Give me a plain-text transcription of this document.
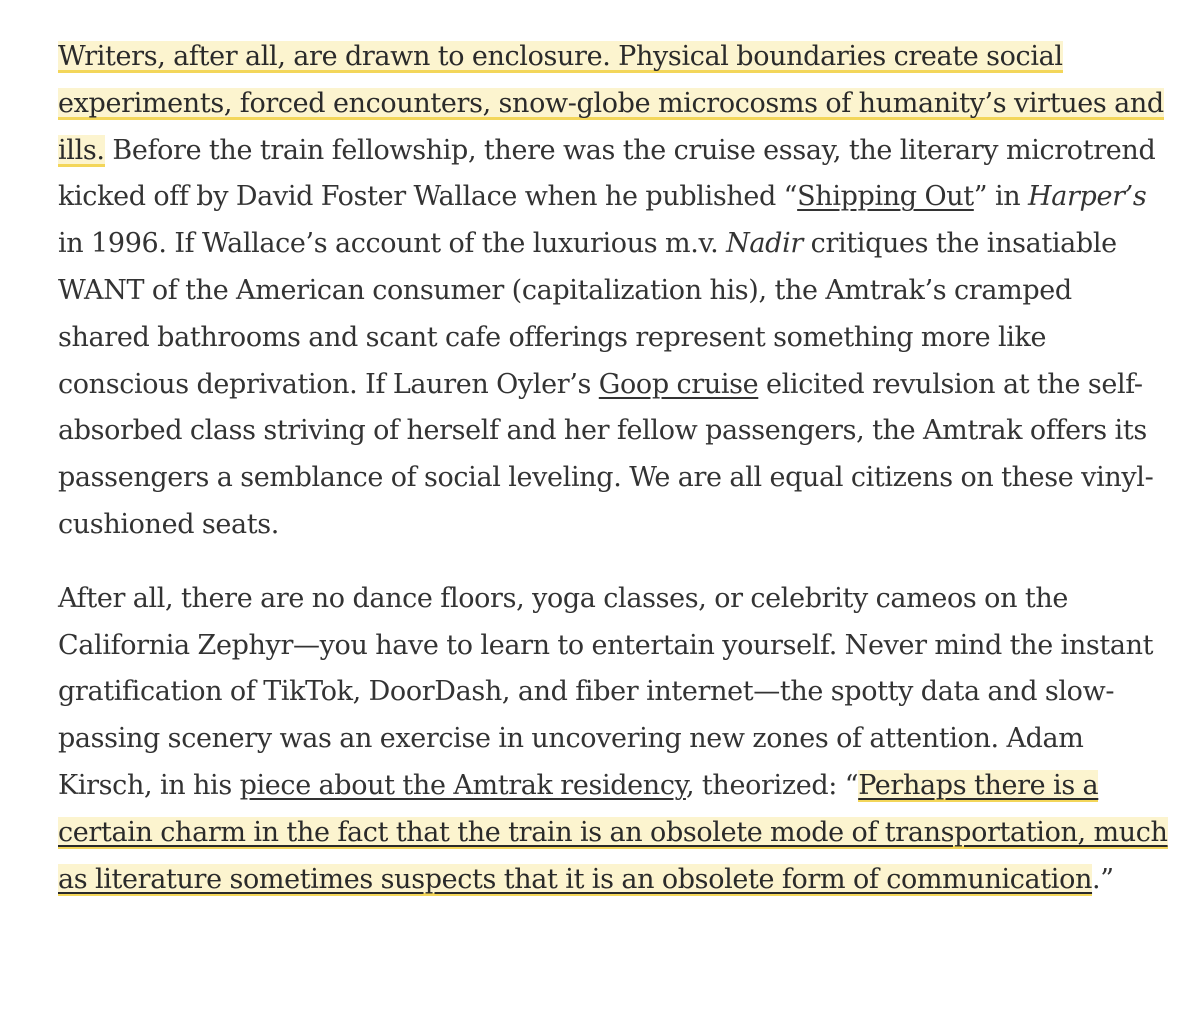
Writers, after all, are drawn to enclosure. Physical boundaries create social experiments, forced encounters, snow-globe microcosms of humanity’s virtues and ills. Before the train fellowship, there was the cruise essay, the literary microtrend kicked off by David Foster Wallace when he published “Shipping Out” in Harper’s in 1996. If Wallace’s account of the luxurious m.v. Nadir critiques the insatiable WANT of the American consumer (capitalization his), the Amtrak’s cramped shared bathrooms and scant cafe offerings represent something more like conscious deprivation. If Lauren Oyler’s Goop cruise elicited revulsion at the self-absorbed class striving of herself and her fellow passengers, the Amtrak offers its passengers a semblance of social leveling. We are all equal citizens on these vinyl-cushioned seats.

After all, there are no dance floors, yoga classes, or celebrity cameos on the California Zephyr—you have to learn to entertain yourself. Never mind the instant gratification of TikTok, DoorDash, and fiber internet—the spotty data and slow-passing scenery was an exercise in uncovering new zones of attention. Adam Kirsch, in his piece about the Amtrak residency, theorized: “Perhaps there is a certain charm in the fact that the train is an obsolete mode of transportation, much as literature sometimes suspects that it is an obsolete form of communication.”
